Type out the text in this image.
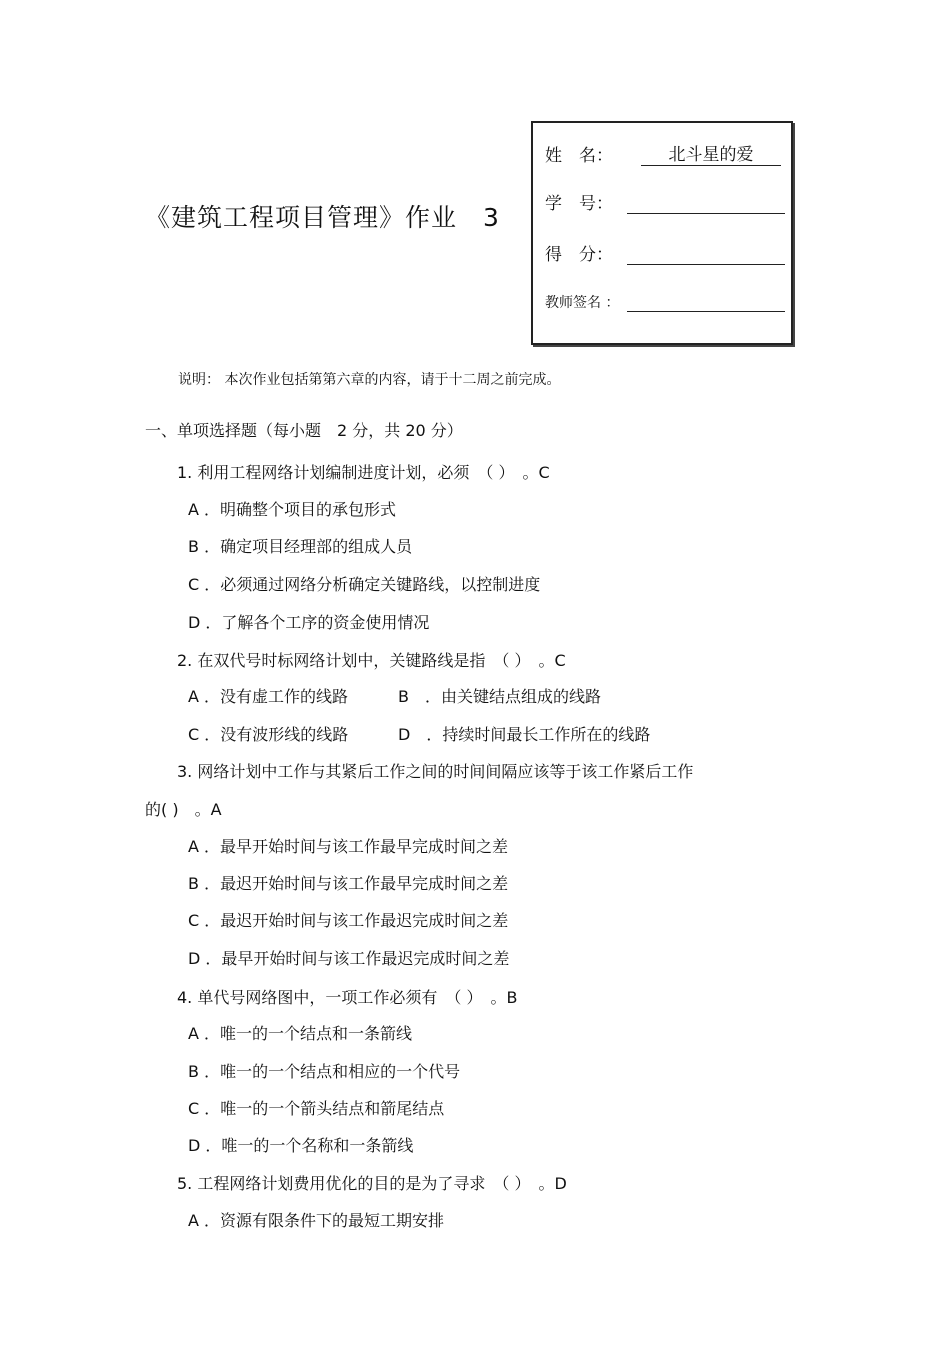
《建筑工程项目管理》作业　3
姓　名：	北斗星的爱
学　号：
得　分：
教师签名 ：
说明： 本次作业包括第第六章的内容，请于十二周之前完成。
一、单项选择题（每小题　2 分，共 20 分）
1. 利用工程网络计划编制进度计划，必须　（ ）　。C
A ．明确整个项目的承包形式
B ．确定项目经理部的组成人员
C ．必须通过网络分析确定关键路线，以控制进度
D ．了解各个工序的资金使用情况
2. 在双代号时标网络计划中，关键路线是指　（ ）　。C
A ．没有虚工作的线路	B　．由关键结点组成的线路
C ．没有波形线的线路	D　．持续时间最长工作所在的线路
3. 网络计划中工作与其紧后工作之间的时间间隔应该等于该工作紧后工作
的( )　。A
A ．最早开始时间与该工作最早完成时间之差
B ．最迟开始时间与该工作最早完成时间之差
C ．最迟开始时间与该工作最迟完成时间之差
D ．最早开始时间与该工作最迟完成时间之差
4. 单代号网络图中，一项工作必须有　（ ）　。B
A ．唯一的一个结点和一条箭线
B ．唯一的一个结点和相应的一个代号
C ．唯一的一个箭头结点和箭尾结点
D ．唯一的一个名称和一条箭线
5. 工程网络计划费用优化的目的是为了寻求　（ ）　。D
A ．资源有限条件下的最短工期安排
